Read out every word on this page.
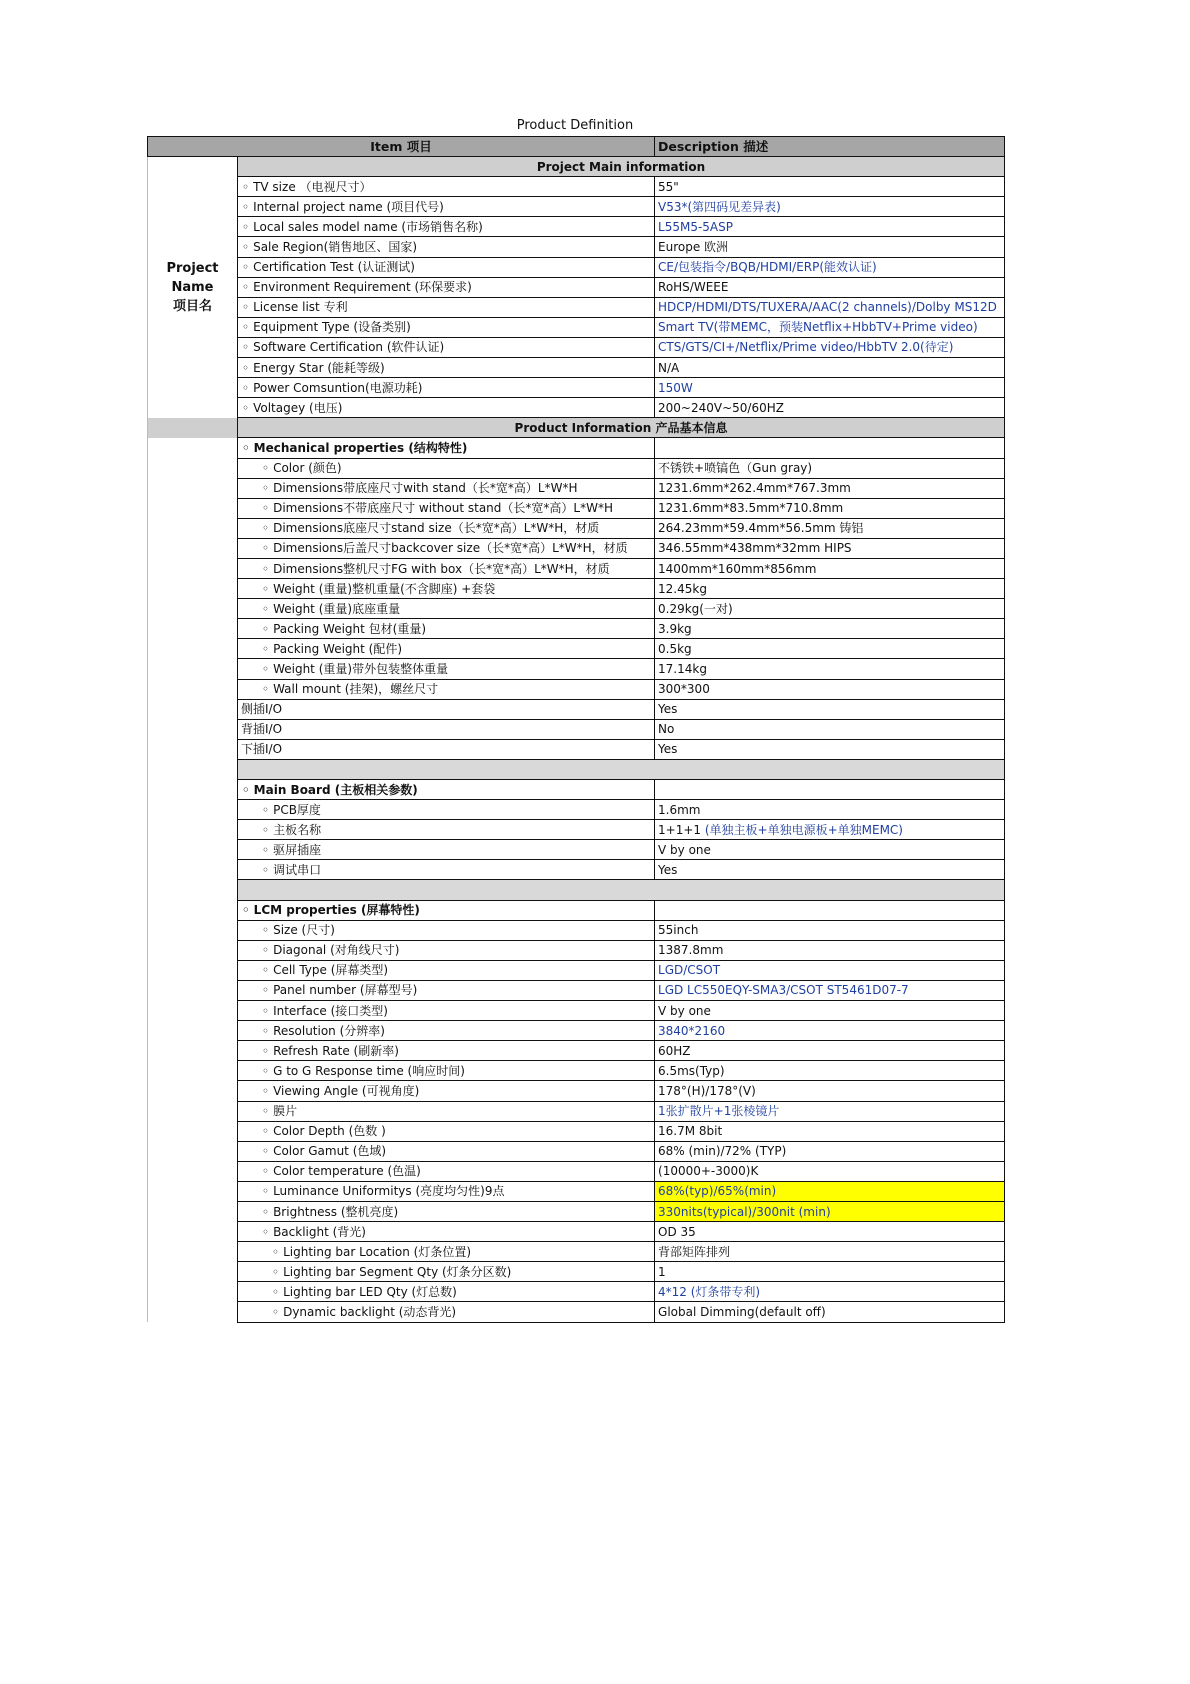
Product Definition
Item 项目		Description 描述
Project
Name
项目名	Project Main information	
	◦ TV size （电视尺寸）	55"
	◦ Internal project name (项目代号)	V53*(第四码见差异表)
	◦ Local sales model name (市场销售名称)	L55M5-5ASP
	◦ Sale Region(销售地区、国家)	Europe 欧洲
	◦ Certification Test (认证测试)	CE/包装指令/BQB/HDMI/ERP(能效认证)
	◦ Environment Requirement (环保要求)	RoHS/WEEE
	◦ License list 专利	HDCP/HDMI/DTS/TUXERA/AAC(2 channels)/Dolby MS12D
	◦ Equipment Type (设备类别)	Smart TV(带MEMC，预装Netflix+HbbTV+Prime video)
	◦ Software Certification (软件认证)	CTS/GTS/CI+/Netflix/Prime video/HbbTV 2.0(待定)
	◦ Energy Star (能耗等级)	N/A
	◦ Power Comsuntion(电源功耗)	150W
	◦ Voltagey (电压)	200~240V~50/60HZ
	Product Information 产品基本信息	
	◦ Mechanical properties (结构特性)	
	◦ Color (颜色)	不锈铁+喷镐色（Gun gray)
	◦ Dimensions带底座尺寸with stand（长*宽*高）L*W*H	1231.6mm*262.4mm*767.3mm
	◦ Dimensions不带底座尺寸 without stand（长*宽*高）L*W*H	1231.6mm*83.5mm*710.8mm
	◦ Dimensions底座尺寸stand size（长*宽*高）L*W*H，材质	264.23mm*59.4mm*56.5mm 铸铝
	◦ Dimensions后盖尺寸backcover size（长*宽*高）L*W*H，材质	346.55mm*438mm*32mm HIPS
	◦ Dimensions整机尺寸FG with box（长*宽*高）L*W*H，材质	1400mm*160mm*856mm
	◦ Weight (重量)整机重量(不含脚座) +套袋	12.45kg
	◦ Weight (重量)底座重量	0.29kg(一对)
	◦ Packing Weight 包材(重量)	3.9kg
	◦ Packing Weight (配件)	0.5kg
	◦ Weight (重量)带外包装整体重量	17.14kg
	◦ Wall mount (挂架)，螺丝尺寸	300*300
	侧插I/O	Yes
	背插I/O	No
	下插I/O	Yes

	◦ Main Board (主板相关参数)	
	◦ PCB厚度	1.6mm
	◦ 主板名称	1+1+1 (单独主板+单独电源板+单独MEMC)
	◦ 驱屏插座	V by one
	◦ 调试串口	Yes

	◦ LCM properties (屏幕特性)	
	◦ Size (尺寸)	55inch
	◦ Diagonal (对角线尺寸)	1387.8mm
	◦ Cell Type (屏幕类型)	LGD/CSOT
	◦ Panel number (屏幕型号)	LGD LC550EQY-SMA3/CSOT ST5461D07-7
	◦ Interface (接口类型)	V by one
	◦ Resolution (分辨率)	3840*2160
	◦ Refresh Rate (刷新率)	60HZ
	◦ G to G Response time (响应时间)	6.5ms(Typ)
	◦ Viewing Angle (可视角度)	178°(H)/178°(V)
	◦ 膜片	1张扩散片+1张棱镜片
	◦ Color Depth (色数 )	16.7M 8bit
	◦ Color Gamut (色域)	68% (min)/72% (TYP)
	◦ Color temperature (色温)	(10000+-3000)K
	◦ Luminance Uniformitys (亮度均匀性)9点	68%(typ)/65%(min)
	◦ Brightness (整机亮度)	330nits(typical)/300nit (min)
	◦ Backlight (背光)	OD 35
	◦ Lighting bar Location (灯条位置)	背部矩阵排列
	◦ Lighting bar Segment Qty (灯条分区数)	1
	◦ Lighting bar LED Qty (灯总数)	4*12 (灯条带专利)
	◦ Dynamic backlight (动态背光)	Global Dimming(default off)
